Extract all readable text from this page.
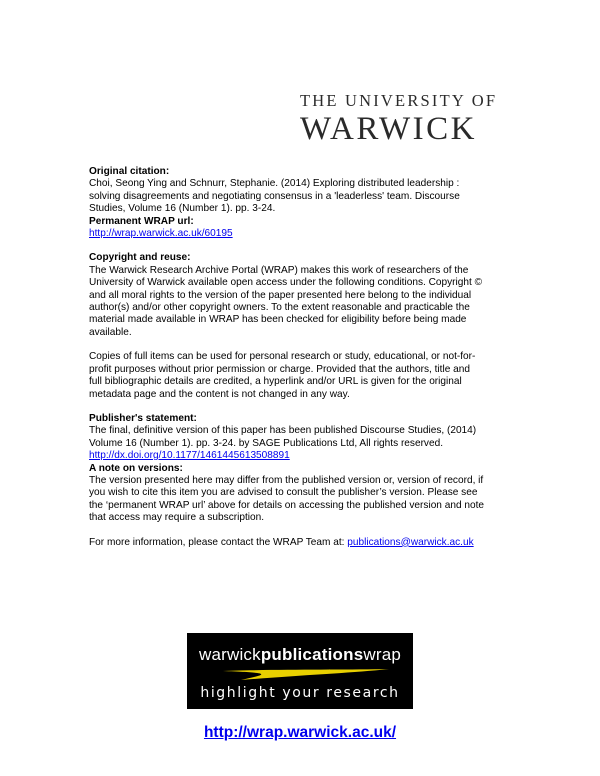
THE UNIVERSITY OF
WARWICK

Original citation:

Choi, Seong Ying and Schnurr, Stephanie. (2014) Exploring distributed leadership :

solving disagreements and negotiating consensus in a 'leaderless' team. Discourse

Studies, Volume 16 (Number 1). pp. 3-24.

Permanent WRAP url:

http://wrap.warwick.ac.uk/60195

Copyright and reuse:

The Warwick Research Archive Portal (WRAP) makes this work of researchers of the

University of Warwick available open access under the following conditions. Copyright ©

and all moral rights to the version of the paper presented here belong to the individual

author(s) and/or other copyright owners. To the extent reasonable and practicable the

material made available in WRAP has been checked for eligibility before being made

available.

Copies of full items can be used for personal research or study, educational, or not-for-

profit purposes without prior permission or charge. Provided that the authors, title and

full bibliographic details are credited, a hyperlink and/or URL is given for the original

metadata page and the content is not changed in any way.

Publisher's statement:

The final, definitive version of this paper has been published Discourse Studies, (2014)

Volume 16 (Number 1). pp. 3-24. by SAGE Publications Ltd, All rights reserved.

http://dx.doi.org/10.1177/1461445613508891

A note on versions:

The version presented here may differ from the published version or, version of record, if

you wish to cite this item you are advised to consult the publisher’s version. Please see

the ‘permanent WRAP url’ above for details on accessing the published version and note

that access may require a subscription.

For more information, please contact the WRAP Team at: publications@warwick.ac.uk

warwickpublicationswrap
highlight your research
http://wrap.warwick.ac.uk/
